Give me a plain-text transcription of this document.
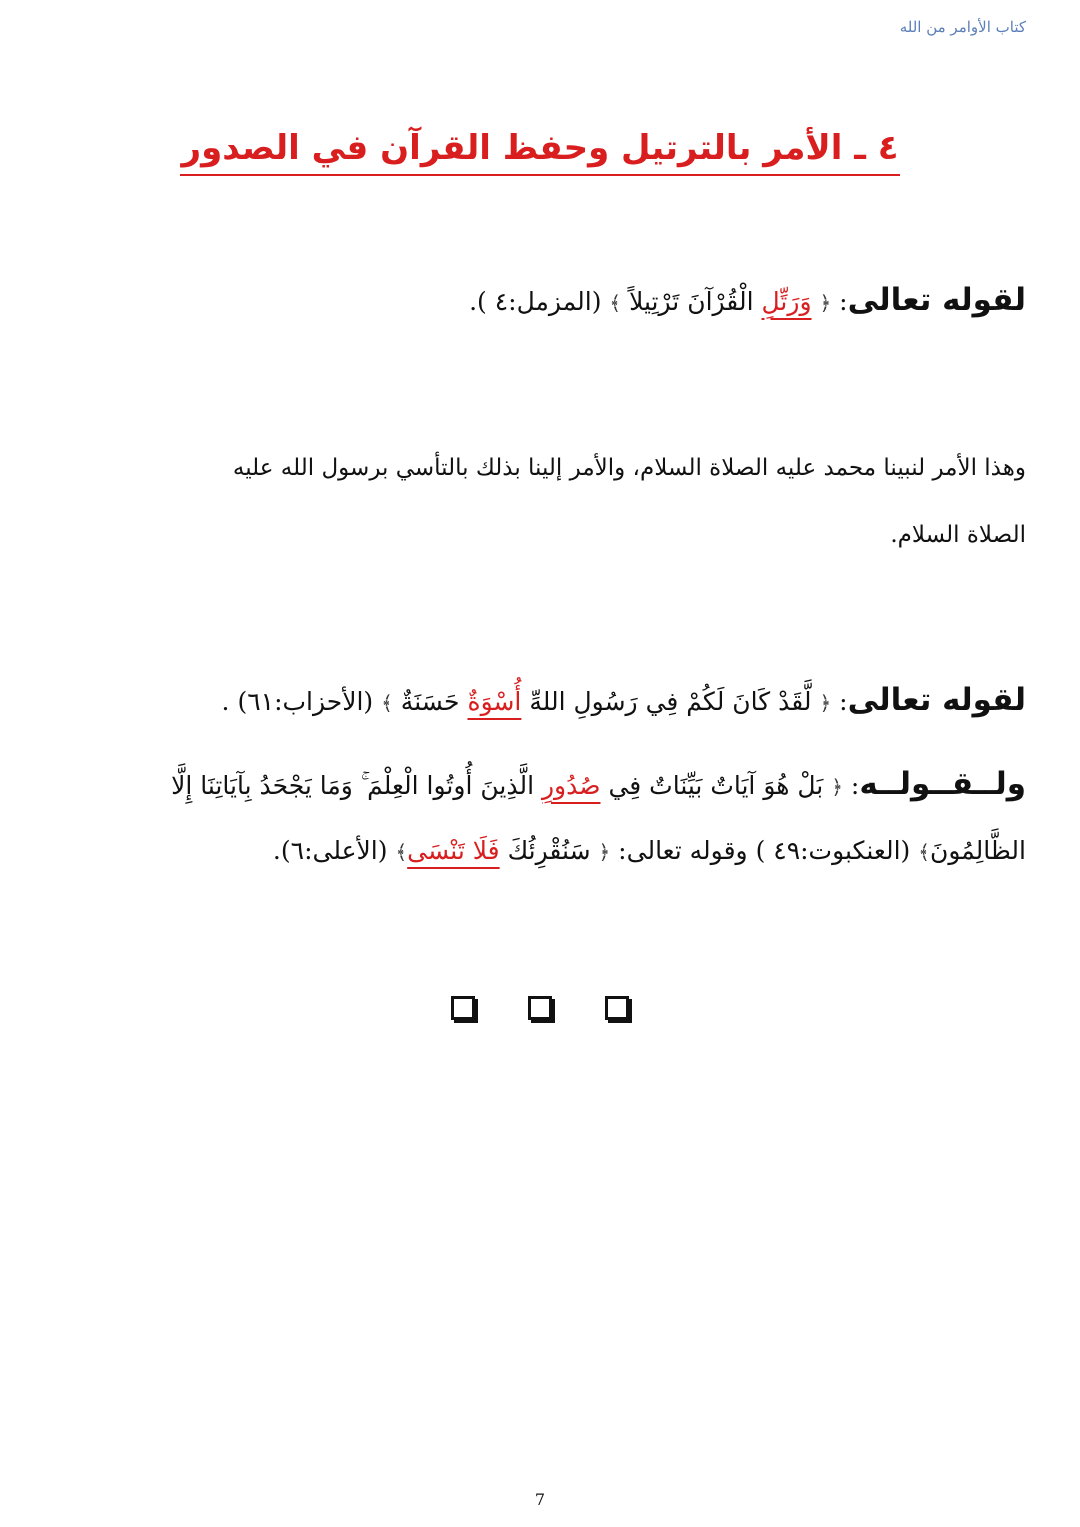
كتاب الأوامر من الله
٤ ـ الأمر بالترتيل وحفظ القرآن في الصدور
لقوله تعالى: ﴿ وَرَتِّلِ الْقُرْآنَ تَرْتِيلاً ﴾ (المزمل:٤ ).
وهذا الأمر لنبينا محمد عليه الصلاة السلام، والأمر إلينا بذلك بالتأسي برسول الله عليه
الصلاة السلام.
لقوله تعالى: ﴿ لَّقَدْ كَانَ لَكُمْ فِي رَسُولِ اللهِّ أُسْوَةٌ حَسَنَةٌ ﴾ (الأحزاب:٦١) .
ولــقــولــه: ﴿ بَلْ هُوَ آيَاتٌ بَيِّنَاتٌ فِي صُدُورِ الَّذِينَ أُوتُوا الْعِلْمَ ۚ وَمَا يَجْحَدُ بِآيَاتِنَا إِلَّا
الظَّالِمُونَ﴾ (العنكبوت:٤٩ ) وقوله تعالى: ﴿ سَنُقْرِئُكَ فَلَا تَنْسَى﴾ (الأعلى:٦).

7
